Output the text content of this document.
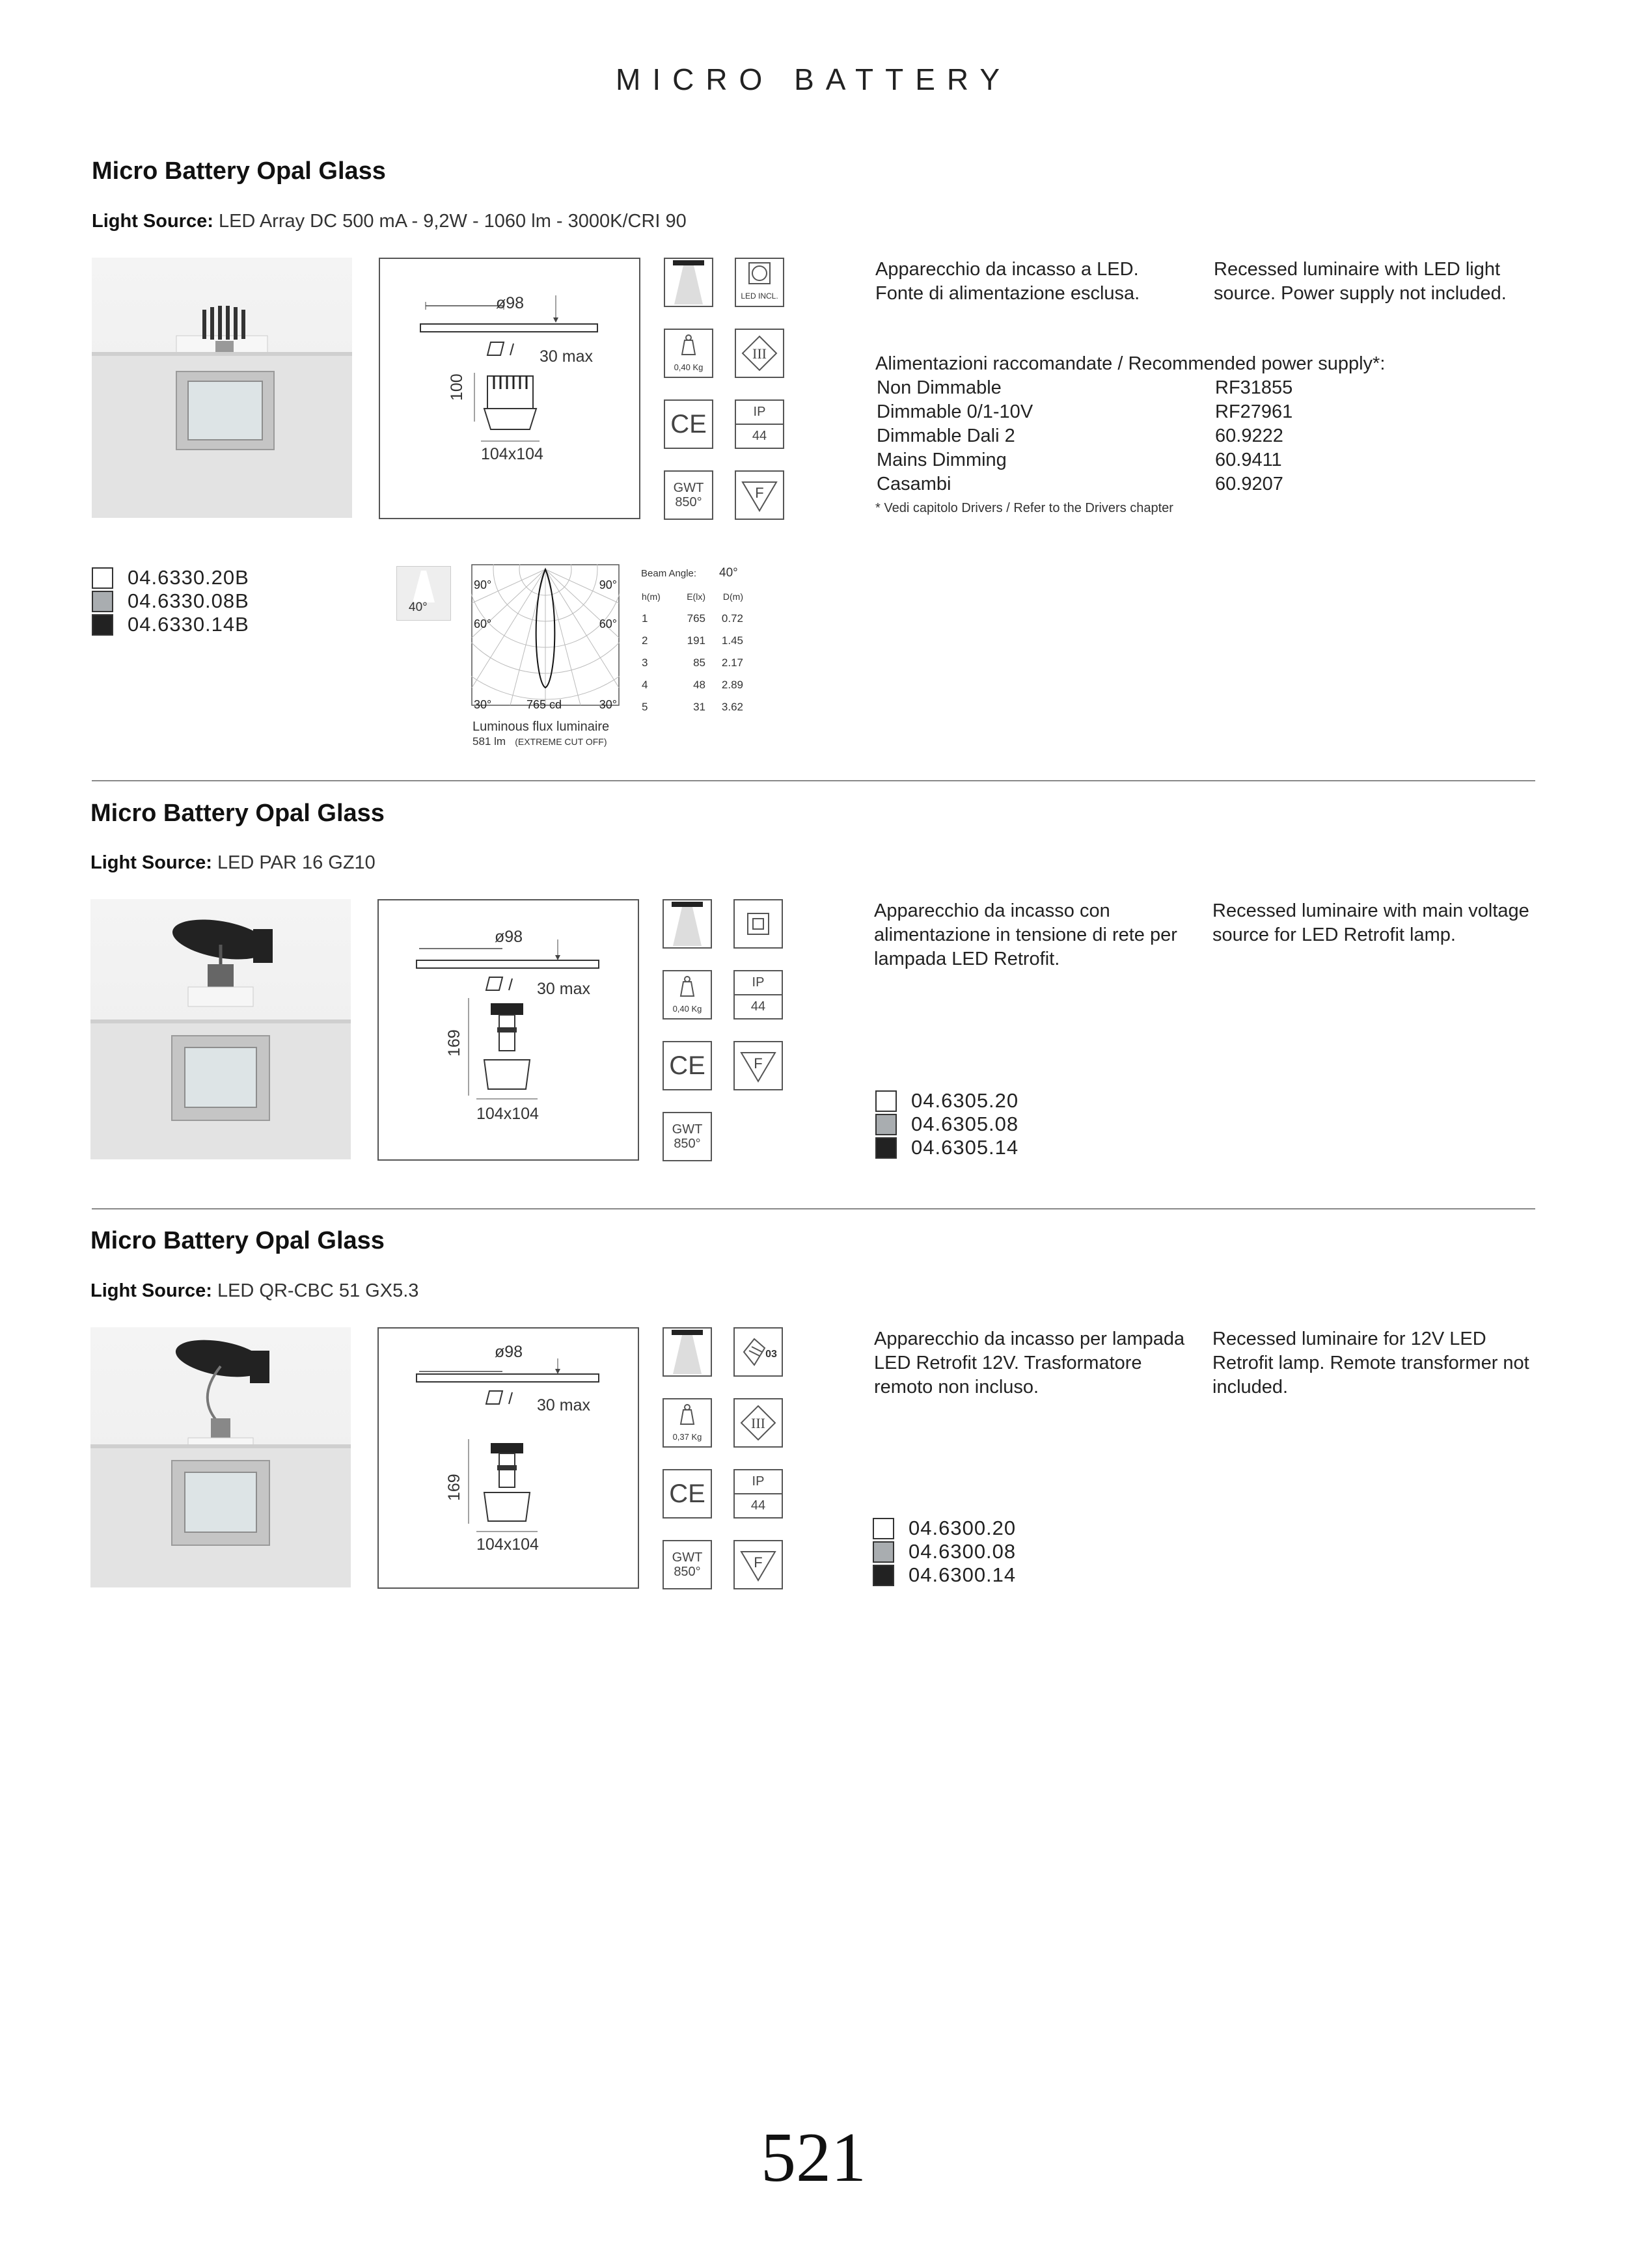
MICRO BATTERY
Micro Battery Opal Glass
Light Source: LED Array DC 500 mA - 9,2W - 1060 lm - 3000K/CRI 90
ø98
30 max
100
104x104
LED INCL.
0,40 Kg
III
CE	IP
44
GWT
850°
F
Apparecchio da incasso a LED.
Fonte di alimentazione esclusa.
Recessed luminaire with LED light source. Power supply not included.
Alimentazioni raccomandate / Recommended power supply*:
Non Dimmable	RF31855
Dimmable 0/1-10V	RF27961
Dimmable Dali 2	60.9222
Mains Dimming	60.9411
Casambi	60.9207
* Vedi capitolo Drivers / Refer to the Drivers chapter
04.6330.20B
04.6330.08B
04.6330.14B
40°
90°	90°
60°	60°
30°	30°
765 cd
Luminous flux luminaire
581 lm (EXTREME CUT OFF)
Beam Angle: 40°
h(m)	E(lx)	D(m)
1	765	0.72
2	191	1.45
3	85	2.17
4	48	2.89
5	31	3.62
Micro Battery Opal Glass
Light Source: LED PAR 16 GZ10
ø98
30 max
169
104x104
0,40 Kg
IP
44
CE	F
GWT
850°
Apparecchio da incasso con alimentazione in tensione di rete per lampada LED Retrofit.
Recessed luminaire with main voltage source for LED Retrofit lamp.
04.6305.20
04.6305.08
04.6305.14
Micro Battery Opal Glass
Light Source: LED QR-CBC 51 GX5.3
ø98
30 max
169
104x104
03
0,37 Kg
III
CE	IP
44
GWT
850°
F
Apparecchio da incasso per lampada LED Retrofit 12V. Trasformatore remoto non incluso.
Recessed luminaire for 12V LED Retrofit lamp. Remote transformer not included.
04.6300.20
04.6300.08
04.6300.14
521
